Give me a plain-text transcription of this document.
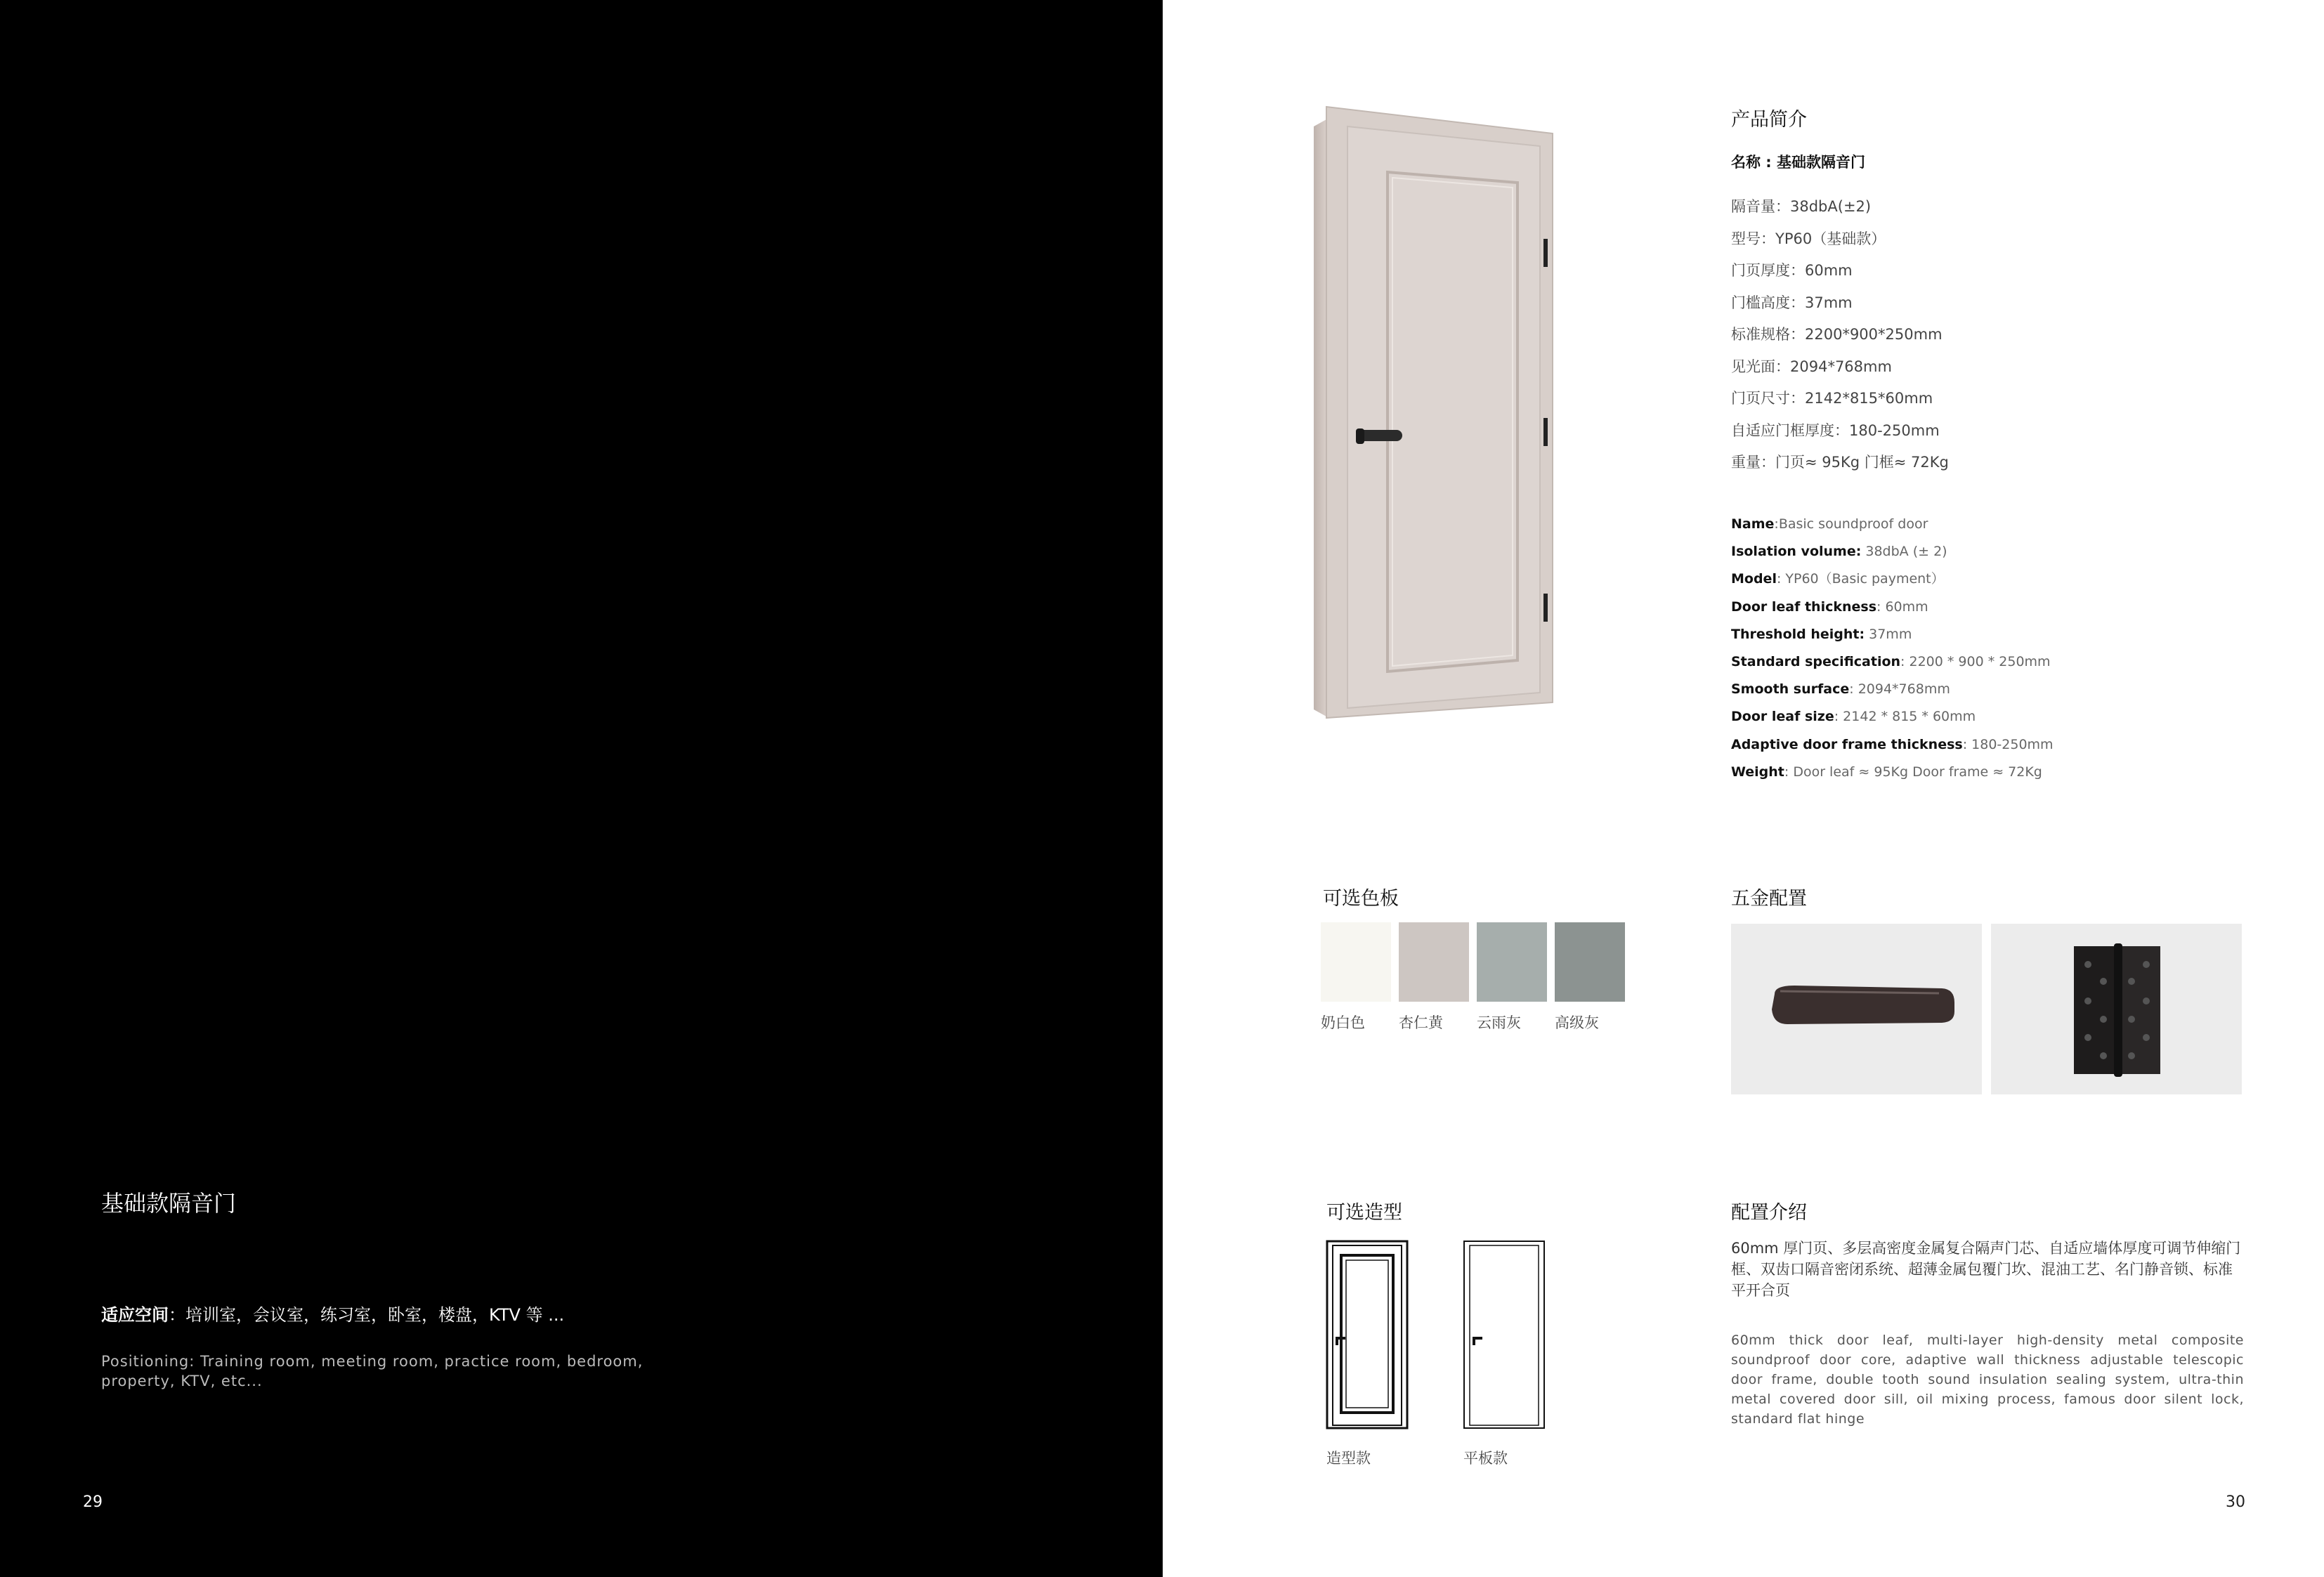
基础款隔音门
适应空间：培训室，会议室，练习室，卧室，楼盘，KTV 等 ...
Positioning: Training room, meeting room, practice room, bedroom, property, KTV, etc...
29
产品简介
名称 : 基础款隔音门
隔音量：38dbA(±2)
型号：YP60（基础款）
门页厚度：60mm
门槛高度：37mm
标准规格：2200*900*250mm
见光面：2094*768mm
门页尺寸：2142*815*60mm
自适应门框厚度：180-250mm
重量：门页≈ 95Kg 门框≈ 72Kg
Name:Basic soundproof door
Isolation volume: 38dbA (± 2)
Model: YP60（Basic payment）
Door leaf thickness: 60mm
Threshold height: 37mm
Standard specification: 2200 * 900 * 250mm
Smooth surface: 2094*768mm
Door leaf size: 2142 * 815 * 60mm
Adaptive door frame thickness: 180-250mm
Weight: Door leaf ≈ 95Kg Door frame ≈ 72Kg
可选色板
奶白色	杏仁黄	云雨灰	高级灰
五金配置
可选造型
造型款	平板款
配置介绍
60mm 厚门页、多层高密度金属复合隔声门芯、自适应墙体厚度可调节伸缩门框、双齿口隔音密闭系统、超薄金属包覆门坎、混油工艺、名门静音锁、标准平开合页
60mm thick door leaf, multi-layer high-density metal composite soundproof door core, adaptive wall thickness adjustable telescopic door frame, double tooth sound insulation sealing system, ultra-thin metal covered door sill, oil mixing process, famous door silent lock, standard flat hinge
30
